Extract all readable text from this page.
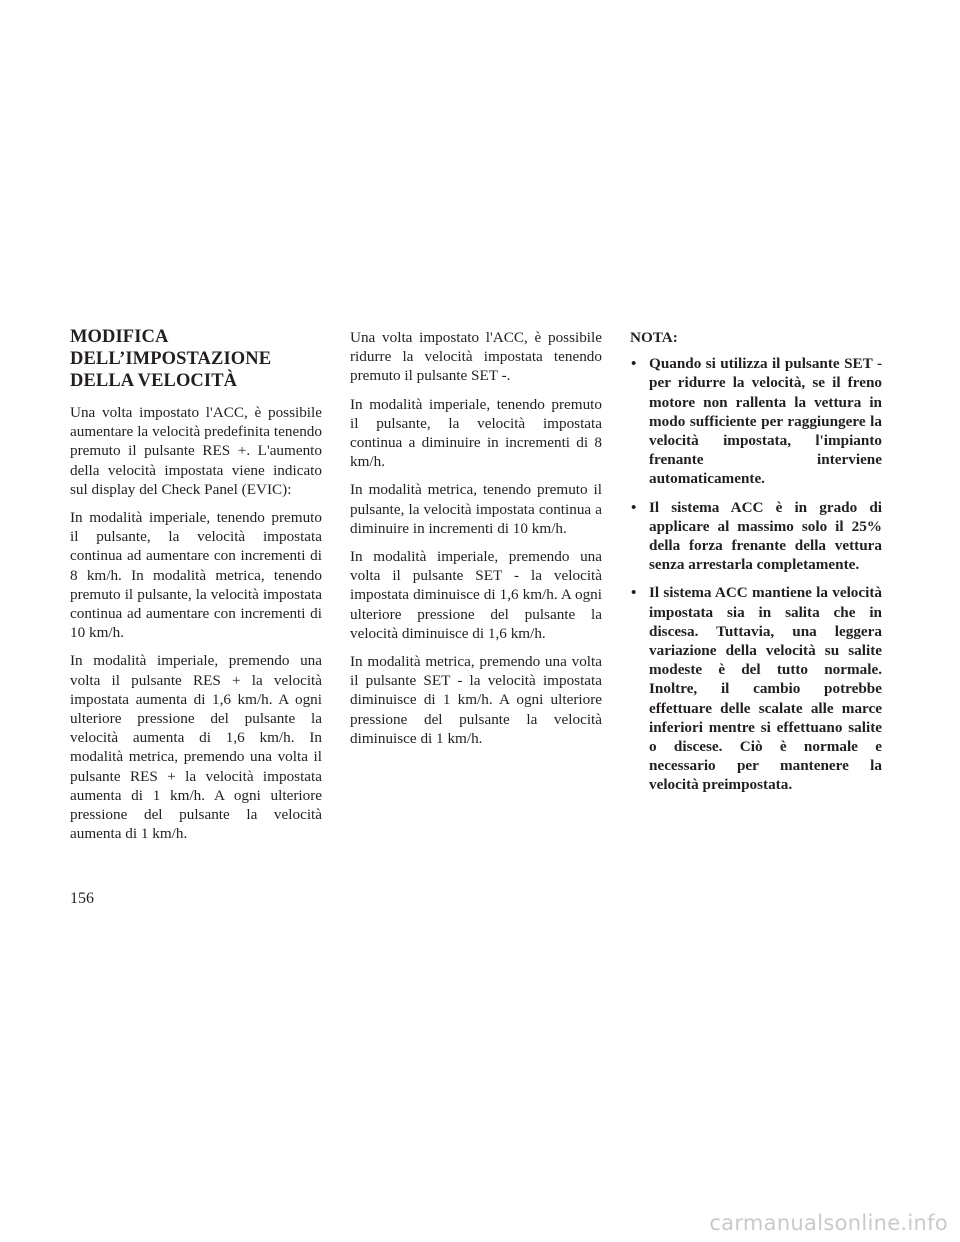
MODIFICA DELL’IMPOSTAZIONE DELLA VELOCITÀ

Una volta impostato l'ACC, è possibile aumentare la velocità predefinita tenendo premuto il pulsante RES +. L'aumento della velocità impostata viene indicato sul display del Check Panel (EVIC):

In modalità imperiale, tenendo premuto il pulsante, la velocità impostata continua ad aumentare con incrementi di 8 km/h. In modalità metrica, tenendo premuto il pulsante, la velocità impostata continua ad aumentare con incrementi di 10 km/h.

In modalità imperiale, premendo una volta il pulsante RES + la velocità impostata aumenta di 1,6 km/h. A ogni ulteriore pressione del pulsante la velocità aumenta di 1,6 km/h. In modalità metrica, premendo una volta il pulsante RES + la velocità impostata aumenta di 1 km/h. A ogni ulteriore pressione del pulsante la velocità aumenta di 1 km/h.

Una volta impostato l'ACC, è possibile ridurre la velocità impostata tenendo premuto il pulsante SET -.

In modalità imperiale, tenendo premuto il pulsante, la velocità impostata continua a diminuire in incrementi di 8 km/h.

In modalità metrica, tenendo premuto il pulsante, la velocità impostata continua a diminuire in incrementi di 10 km/h.

In modalità imperiale, premendo una volta il pulsante SET - la velocità impostata diminuisce di 1,6 km/h. A ogni ulteriore pressione del pulsante la velocità diminuisce di 1,6 km/h.

In modalità metrica, premendo una volta il pulsante SET - la velocità impostata diminuisce di 1 km/h. A ogni ulteriore pressione del pulsante la velocità diminuisce di 1 km/h.

NOTA:
• Quando si utilizza il pulsante SET - per ridurre la velocità, se il freno motore non rallenta la vettura in modo sufficiente per raggiungere la velocità impostata, l'impianto frenante interviene automaticamente.
• Il sistema ACC è in grado di applicare al massimo solo il 25% della forza frenante della vettura senza arrestarla completamente.
• Il sistema ACC mantiene la velocità impostata sia in salita che in discesa. Tuttavia, una leggera variazione della velocità su salite modeste è del tutto normale. Inoltre, il cambio potrebbe effettuare delle scalate alle marce inferiori mentre si effettuano salite o discese. Ciò è normale e necessario per mantenere la velocità preimpostata.
156
carmanualsonline.info
